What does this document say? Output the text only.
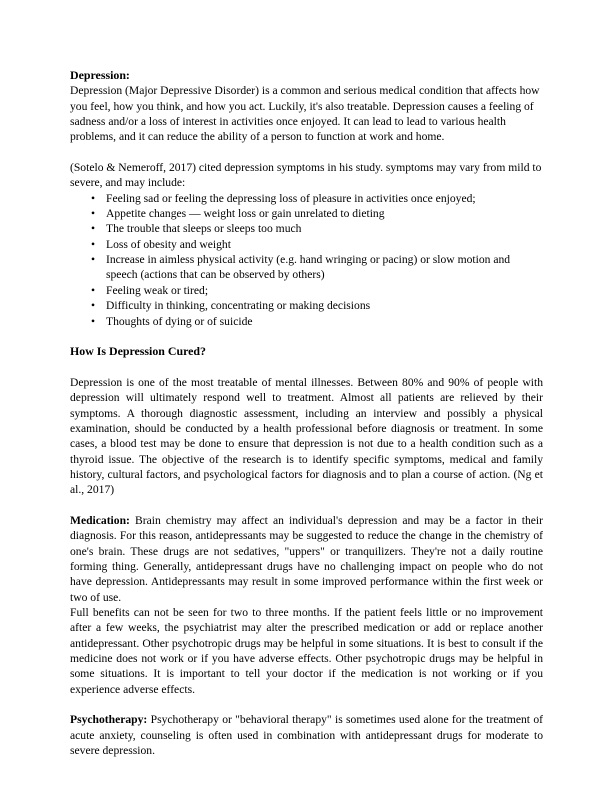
Depression:

Depression (Major Depressive Disorder) is a common and serious medical condition that affects how you feel, how you think, and how you act. Luckily, it's also treatable. Depression causes a feeling of sadness and/or a loss of interest in activities once enjoyed. It can lead to lead to various health problems, and it can reduce the ability of a person to function at work and home.

(Sotelo & Nemeroff, 2017) cited depression symptoms in his study. symptoms may vary from mild to severe, and may include:

• Feeling sad or feeling the depressing loss of pleasure in activities once enjoyed;
• Appetite changes — weight loss or gain unrelated to dieting
• The trouble that sleeps or sleeps too much
• Loss of obesity and weight
• Increase in aimless physical activity (e.g. hand wringing or pacing) or slow motion and speech (actions that can be observed by others)
• Feeling weak or tired;
• Difficulty in thinking, concentrating or making decisions
• Thoughts of dying or of suicide
How Is Depression Cured?

Depression is one of the most treatable of mental illnesses. Between 80% and 90% of people with depression will ultimately respond well to treatment. Almost all patients are relieved by their symptoms. A thorough diagnostic assessment, including an interview and possibly a physical examination, should be conducted by a health professional before diagnosis or treatment. In some cases, a blood test may be done to ensure that depression is not due to a health condition such as a thyroid issue. The objective of the research is to identify specific symptoms, medical and family history, cultural factors, and psychological factors for diagnosis and to plan a course of action. (Ng et al., 2017)

Medication: Brain chemistry may affect an individual's depression and may be a factor in their diagnosis. For this reason, antidepressants may be suggested to reduce the change in the chemistry of one's brain. These drugs are not sedatives, "uppers" or tranquilizers. They're not a daily routine forming thing. Generally, antidepressant drugs have no challenging impact on people who do not have depression. Antidepressants may result in some improved performance within the first week or two of use.

Full benefits can not be seen for two to three months. If the patient feels little or no improvement after a few weeks, the psychiatrist may alter the prescribed medication or add or replace another antidepressant. Other psychotropic drugs may be helpful in some situations. It is best to consult if the medicine does not work or if you have adverse effects. Other psychotropic drugs may be helpful in some situations. It is important to tell your doctor if the medication is not working or if you experience adverse effects.

Psychotherapy: Psychotherapy or "behavioral therapy" is sometimes used alone for the treatment of acute anxiety, counseling is often used in combination with antidepressant drugs for moderate to severe depression.
